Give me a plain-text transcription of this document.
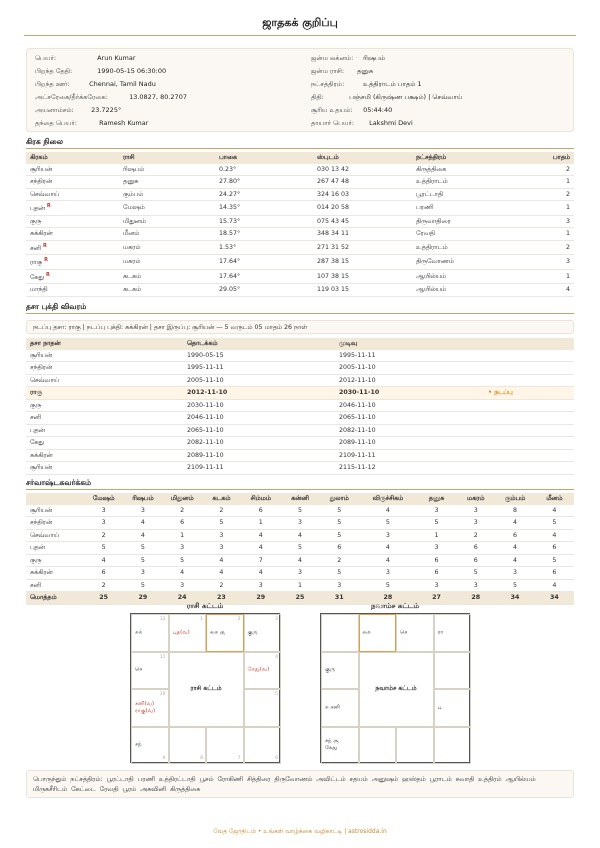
ஜாதகக் குறிப்பு
பெயர்:	Arun Kumar
பிறந்த தேதி:	1990-05-15 06:30:00
பிறந்த ஊர்:	Chennai, Tamil Nadu
அட்சரேகை/தீர்க்கரேகை:	13.0827, 80.2707
அயனாம்சம்:	23.7225°
தந்தை பெயர்:	Ramesh Kumar
ஜன்ம லக்னம்: ரிஷபம்
ஜன்ம ராசி: தனுசு
நட்சத்திரம்:	உத்திராடம் பாதம் 1
திதி:	பஞ்சமி (கிருஷ்ண பக்ஷம்) | செவ்வாய்
சூரிய உதயம்: 05:44:40
தாயார் பெயர்: Lakshmi Devi
கிரக நிலை
கிரகம்	ராசி	பாகை	ஸ்புடம்	நட்சத்திரம்	பாதம்
சூரியன்	ரிஷபம்	0.23°	030 13 42	கிருத்திகை	2
சந்திரன்	தனுசு	27.80°	267 47 48	உத்திராடம்	1
செவ்வாய்	கும்பம்	24.27°	324 16 03	பூரட்டாதி	2
புதன் $^R$	மேஷம்	14.35°	014 20 58	பரணி	1
குரு	மிதுனம்	15.73°	075 43 45	திருவாதிரை	3
சுக்கிரன்	மீனம்	18.57°	348 34 11	ரேவதி	1
சனி $^R$	மகரம்	1.53°	271 31 52	உத்திராடம்	2
ராகு $^R$	மகரம்	17.64°	287 38 15	திருவோணம்	3
கேது $^R$	கடகம்	17.64°	107 38 15	ஆயில்யம்	1
மாந்தி	கடகம்	29.05°	119 03 15	ஆயில்யம்	4
தசா புக்தி விவரம்
நடப்பு தசா: ராகு | நடப்பு புக்தி: சுக்கிரன் | தசா இருப்பு: சூரியன் — 5 வருடம் 05 மாதம் 26 நாள்
தசா நாதன்	தொடக்கம்	முடிவு	
சூரியன்	1990-05-15	1995-11-11	
சந்திரன்	1995-11-11	2005-11-10	
செவ்வாய்	2005-11-10	2012-11-10	
ராகு	2012-11-10	2030-11-10	• நடப்பு
குரு	2030-11-10	2046-11-10	
சனி	2046-11-10	2065-11-10	
புதன்	2065-11-10	2082-11-10	
கேது	2082-11-10	2089-11-10	
சுக்கிரன்	2089-11-10	2109-11-11	
சூரியன்	2109-11-11	2115-11-12	
சர்வாஷ்டகவர்க்கம்
	மேஷம்	ரிஷபம்	மிதுனம்	கடகம்	சிம்மம்	கன்னி	துலாம்	விருச்சிகம்	தனுசு	மகரம்	கும்பம்	மீனம்
சூரியன்	3	3	2	2	6	5	5	4	3	3	8	4
சந்திரன்	3	4	6	5	1	3	5	5	5	3	4	5
செவ்வாய்	2	4	1	3	4	4	5	3	1	2	6	4
புதன்	5	5	3	3	4	5	6	4	3	6	4	6
குரு	4	5	5	4	7	4	2	4	6	6	4	5
சுக்கிரன்	6	3	4	4	4	3	5	3	6	5	3	6
சனி	2	5	3	2	3	1	3	5	3	3	5	4
மொத்தம்	25	29	24	23	29	25	31	28	27	28	34	34
ராசி கட்டம்
12
சுக்
1
புத(வ)
2
லக சூ
3
குரு
11
செ
4
கேது(வ)
10
சனி(வ)
ராகு(வ)
5
9
சந்
8	7	6
ராசி கட்டம்
நவாம்ச கட்டம்
லக	செ	ரா
குரு
சு சனி	பு
சந் சூ
கேது
நவாம்ச கட்டம்
பொருந்தும் நட்சத்திரம்: பூரட்டாதி பரணி உத்திரட்டாதி பூசம் ரோகிணி சித்திரை திருவோணம் அவிட்டம் சதயம் அனுஷம் ஹஸ்தம் பூராடம் சுவாதி உத்திரம் ஆயில்யம் மிருகசீரிடம் கேட்டை ரேவதி பூரம் அசுவினி கிருத்திகை
வேத ஜோதிடம் • உங்கள் வாழ்க்கை வழிகாட்டி | astrosidda.in
